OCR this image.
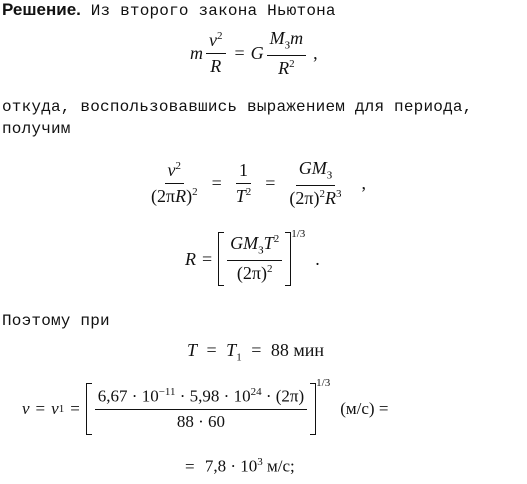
Решение. Из второго закона Ньютона
m $\frac{v^2}{R} = G \frac{M_Зm}{R^2}$ ,
откуда, воспользовавшись выражением для периода,
получим
$\frac{v^2}{(2\pi R)^2} = \frac{1}{T^2} = \frac{GM_З}{(2\pi)^2R^3}$ ,
$R = \frac{GM_ЗT^2}{(2\pi)^2} ^{1/3}$
.
Поэтому при
$T = T_1 = 88$ мин
v = v $1 = \frac{6,67 \cdot 10^{-11} \cdot 5,98 \cdot 10^{24} \cdot (2\pi)}{88 \cdot 60}$
$^{1/3}$
(м/с) =
= $7,8 \cdot 10^3$ м/с;
